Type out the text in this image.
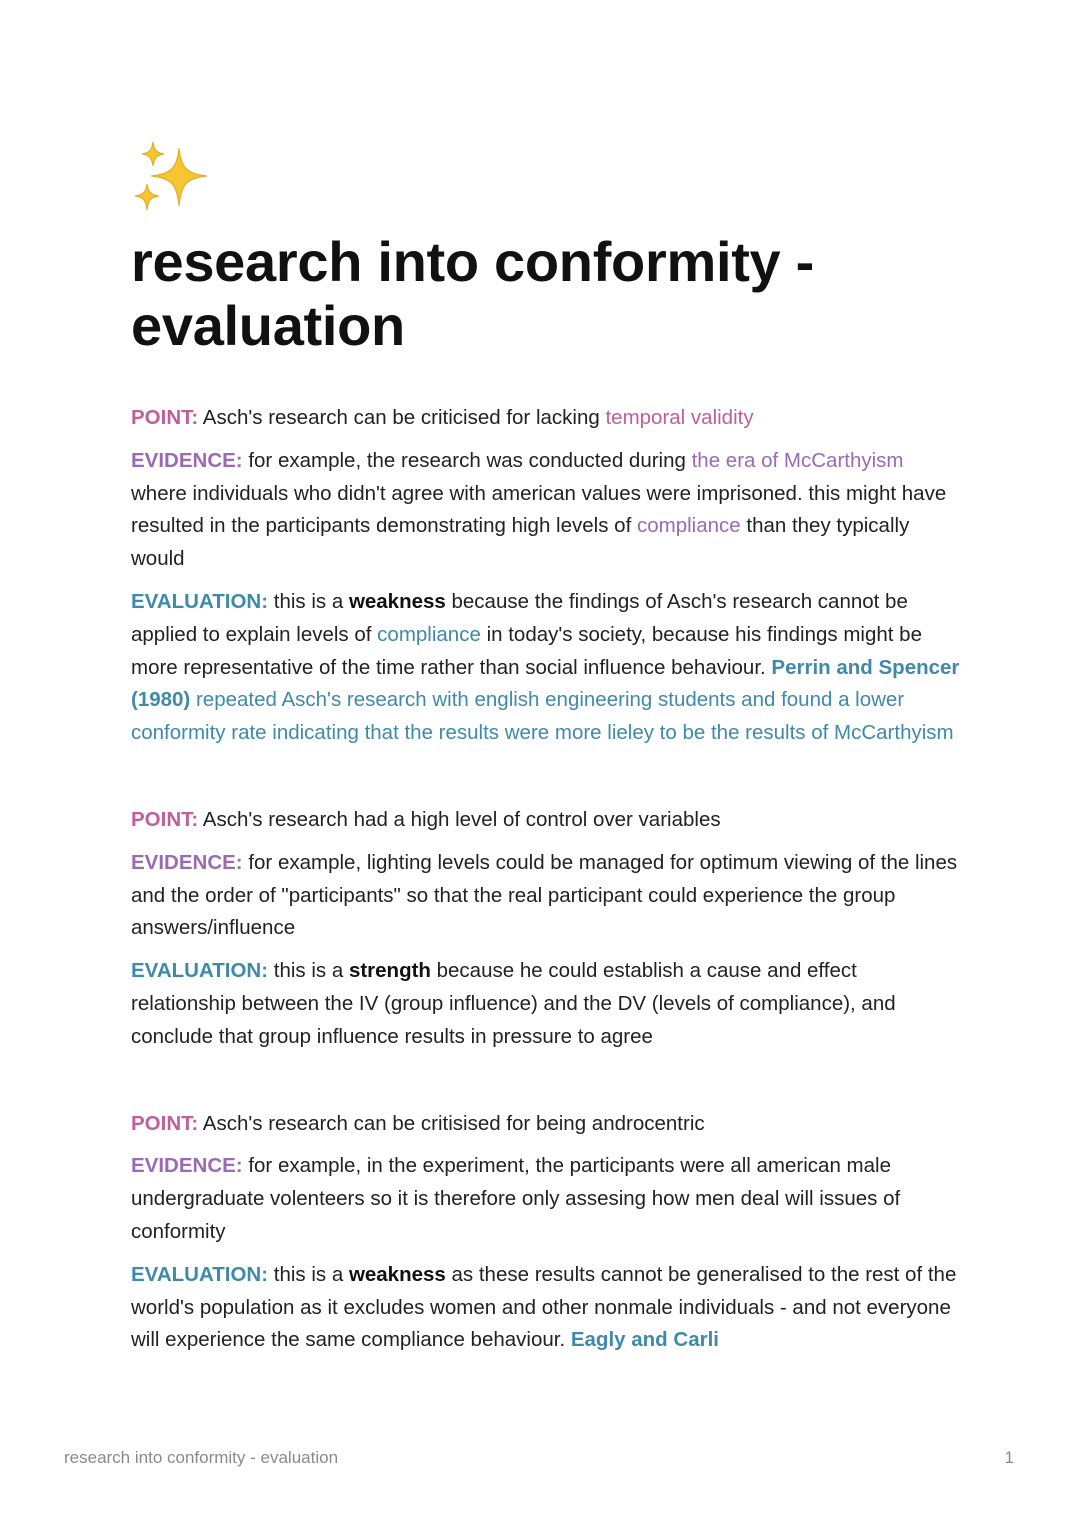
research into conformity - evaluation

POINT: Asch's research can be criticised for lacking temporal validity

EVIDENCE: for example, the research was conducted during the era of McCarthyism where individuals who didn't agree with american values were imprisoned. this might have resulted in the participants demonstrating high levels of compliance than they typically would

EVALUATION: this is a weakness because the findings of Asch's research cannot be applied to explain levels of compliance in today's society, because his findings might be more representative of the time rather than social influence behaviour. Perrin and Spencer (1980) repeated Asch's research with english engineering students and found a lower conformity rate indicating that the results were more lieley to be the results of McCarthyism

POINT: Asch's research had a high level of control over variables

EVIDENCE: for example, lighting levels could be managed for optimum viewing of the lines and the order of "participants" so that the real participant could experience the group answers/influence

EVALUATION: this is a strength because he could establish a cause and effect relationship between the IV (group influence) and the DV (levels of compliance), and conclude that group influence results in pressure to agree

POINT: Asch's research can be critisised for being androcentric

EVIDENCE: for example, in the experiment, the participants were all american male undergraduate volenteers so it is therefore only assesing how men deal will issues of conformity

EVALUATION: this is a weakness as these results cannot be generalised to the rest of the world's population as it excludes women and other nonmale individuals - and not everyone will experience the same compliance behaviour. Eagly and Carli

research into conformity - evaluation	1
